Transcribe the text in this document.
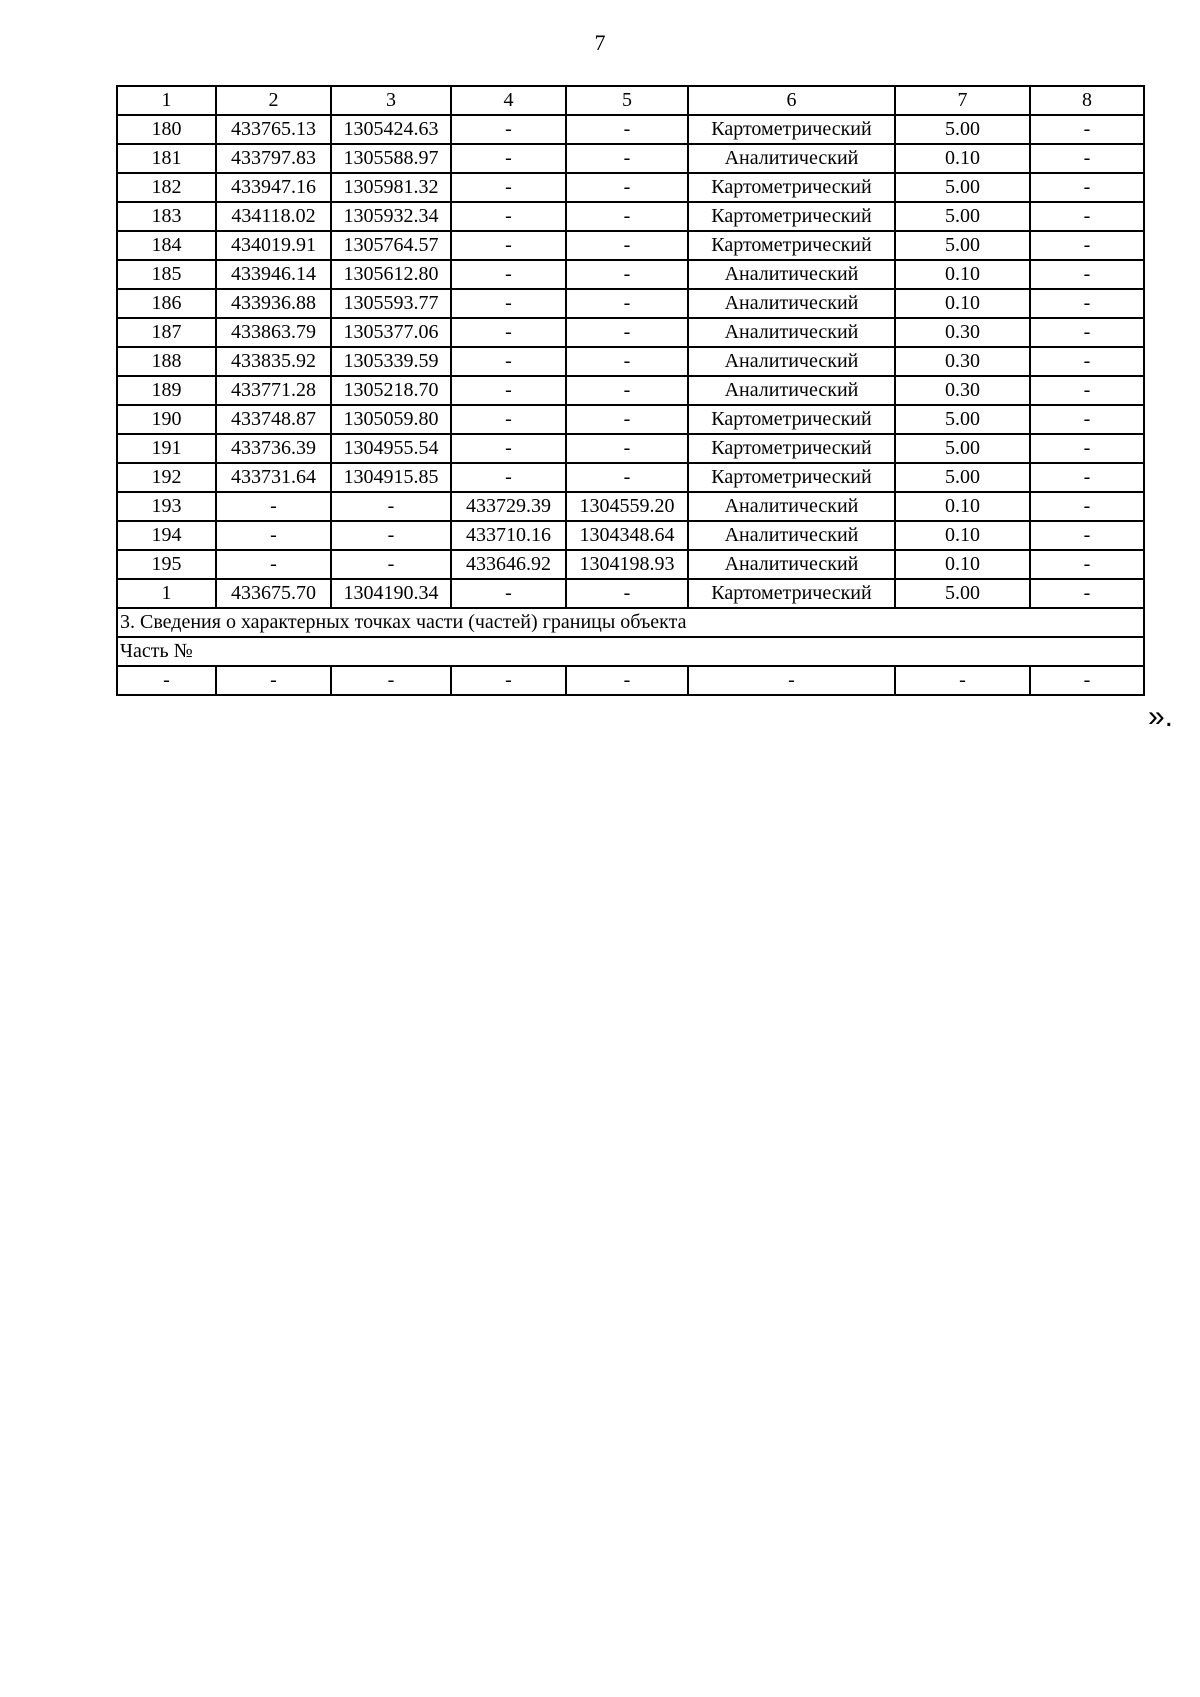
7
1	2	3	4	5	6	7	8
180	433765.13	1305424.63	-	-	Картометрический	5.00	-
181	433797.83	1305588.97	-	-	Аналитический	0.10	-
182	433947.16	1305981.32	-	-	Картометрический	5.00	-
183	434118.02	1305932.34	-	-	Картометрический	5.00	-
184	434019.91	1305764.57	-	-	Картометрический	5.00	-
185	433946.14	1305612.80	-	-	Аналитический	0.10	-
186	433936.88	1305593.77	-	-	Аналитический	0.10	-
187	433863.79	1305377.06	-	-	Аналитический	0.30	-
188	433835.92	1305339.59	-	-	Аналитический	0.30	-
189	433771.28	1305218.70	-	-	Аналитический	0.30	-
190	433748.87	1305059.80	-	-	Картометрический	5.00	-
191	433736.39	1304955.54	-	-	Картометрический	5.00	-
192	433731.64	1304915.85	-	-	Картометрический	5.00	-
193	-	-	433729.39	1304559.20	Аналитический	0.10	-
194	-	-	433710.16	1304348.64	Аналитический	0.10	-
195	-	-	433646.92	1304198.93	Аналитический	0.10	-
1	433675.70	1304190.34	-	-	Картометрический	5.00	-
3. Сведения о характерных точках части (частей) границы объекта							
Часть №							
-	-	-	-	-	-	-	-
».
